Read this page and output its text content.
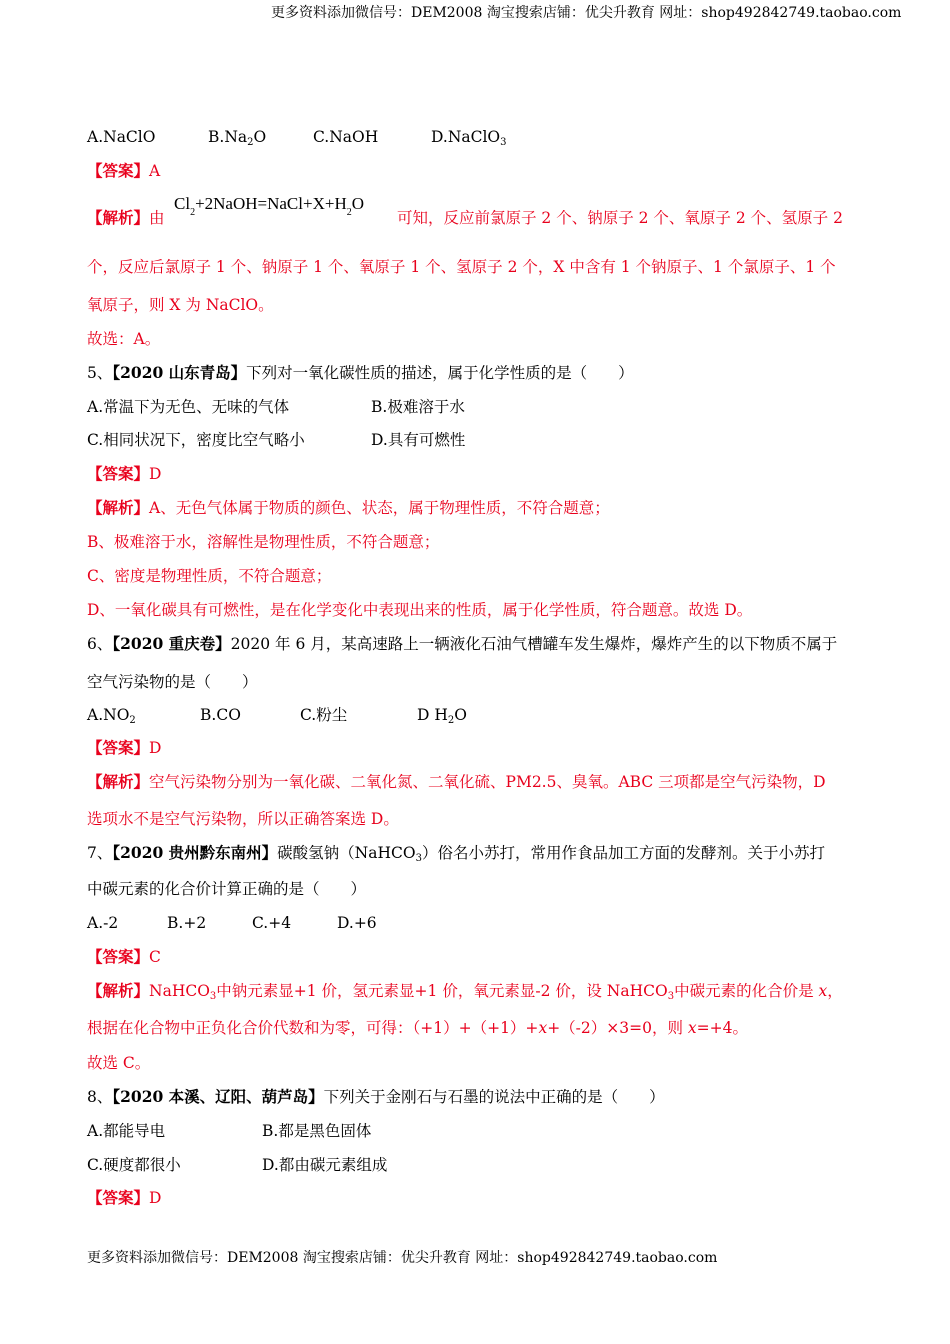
更多资料添加微信号：DEM2008 淘宝搜索店铺：优尖升教育 网址：shop492842749.taobao.com
A.NaClO	$B.Na_2O$	C.NaOH	D.NaClO$_3$
【答案】A
【解析】由
$Cl_2+2NaOH=NaCl+X+H_2O$
可知，反应前氯原子 2 个、钠原子 2 个、氧原子 2 个、氢原子 2
个，反应后氯原子 1 个、钠原子 1 个、氧原子 1 个、氢原子 2 个，X 中含有 1 个钠原子、1 个氯原子、1 个
氧原子，则 X 为 NaClO。
故选：A。
5、【2020 山东青岛】下列对一氧化碳性质的描述，属于化学性质的是（　　）
A.常温下为无色、无味的气体	B.极难溶于水
C.相同状况下，密度比空气略小	D.具有可燃性
【答案】D
【解析】A、无色气体属于物质的颜色、状态，属于物理性质，不符合题意；
B、极难溶于水，溶解性是物理性质，不符合题意；
C、密度是物理性质，不符合题意；
D、一氧化碳具有可燃性，是在化学变化中表现出来的性质，属于化学性质，符合题意。故选 D。
6、【2020 重庆卷】2020 年 6 月，某高速路上一辆液化石油气槽罐车发生爆炸，爆炸产生的以下物质不属于
空气污染物的是（　　）
$A.NO_2$	B.CO	C.粉尘	D $H_2O$
【答案】D
【解析】空气污染物分别为一氧化碳、二氧化氮、二氧化硫、PM2.5、臭氧。ABC 三项都是空气污染物，D
选项水不是空气污染物，所以正确答案选 D。
7、【2020 贵州黔东南州】碳酸氢钠（NaHCO$_3$）俗名小苏打，常用作食品加工方面的发酵剂。关于小苏打
中碳元素的化合价计算正确的是（　　）
A.-2	B.+2	C.+4	D.+6
【答案】C
【解析】NaHCO$_3$中钠元素显+1 价，氢元素显+1 价，氧元素显-2 价，设 NaHCO$_3$中碳元素的化合价是 x，
根据在化合物中正负化合价代数和为零，可得：（+1）+（+1）+x+（-2）×3=0，则 x=+4。
故选 C。
8、【2020 本溪、辽阳、葫芦岛】下列关于金刚石与石墨的说法中正确的是（　　）
A.都能导电	B.都是黑色固体
C.硬度都很小	D.都由碳元素组成
【答案】D
更多资料添加微信号：DEM2008 淘宝搜索店铺：优尖升教育 网址：shop492842749.taobao.com
